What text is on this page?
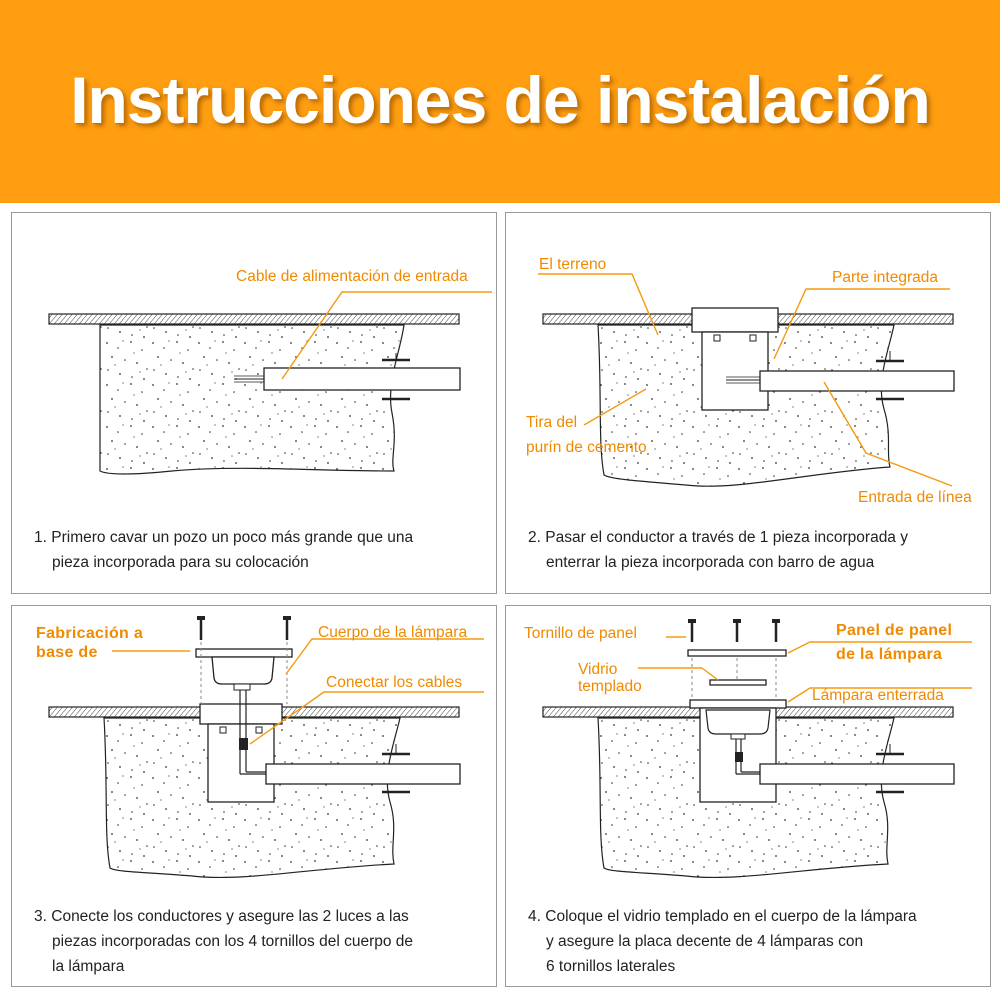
Instrucciones de instalación
Cable de alimentación de entrada
1. Primero cavar un pozo un poco más grande que una
pieza incorporada para su colocación
El terreno
Parte integrada
Tira del
purín de cemento
Entrada de línea
2. Pasar el conductor a través de 1 pieza incorporada y
enterrar la pieza incorporada con barro de agua
Fabricación a
base de
Cuerpo de la lámpara
Conectar los cables
3. Conecte los conductores y asegure las 2 luces a las
piezas incorporadas con los 4 tornillos del cuerpo de
la lámpara
Tornillo de panel	Panel de panel
de la lámpara
Vidrio
templado
Lámpara enterrada
4. Coloque el vidrio templado en el cuerpo de la lámpara
y asegure la placa decente de 4 lámparas con
6 tornillos laterales
